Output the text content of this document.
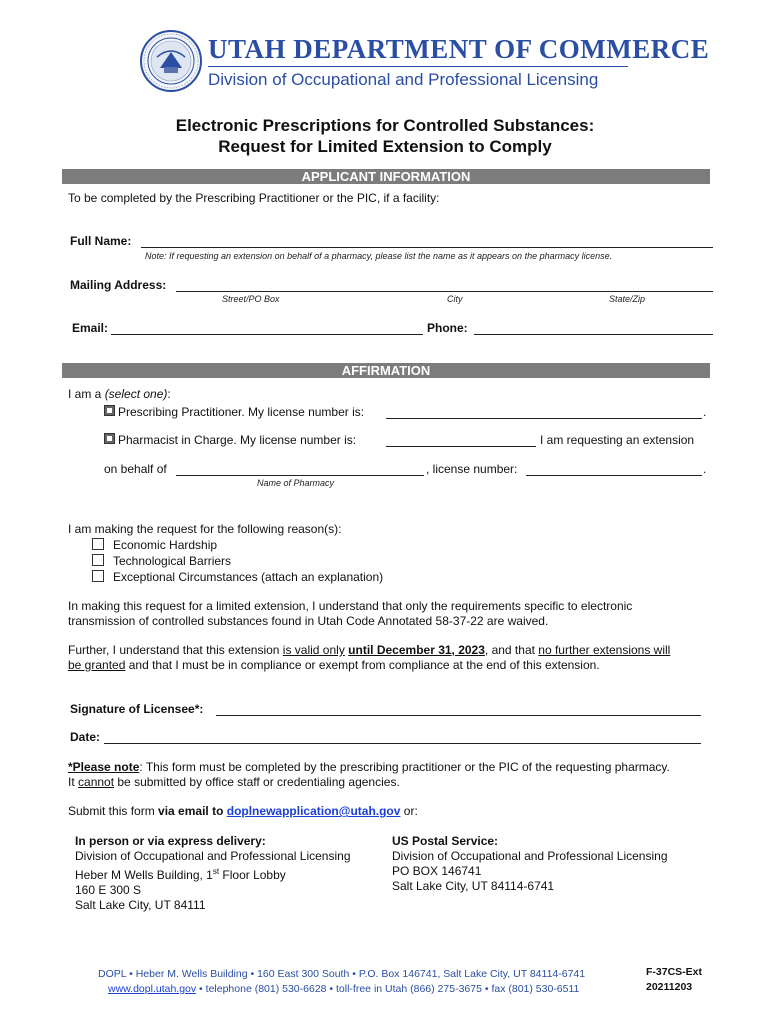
UTAH DEPARTMENT OF COMMERCE
Division of Occupational and Professional Licensing
Electronic Prescriptions for Controlled Substances:
Request for Limited Extension to Comply
APPLICANT INFORMATION
To be completed by the Prescribing Practitioner or the PIC, if a facility:
Full Name:
Note: If requesting an extension on behalf of a pharmacy, please list the name as it appears on the pharmacy license.
Mailing Address:
Street/PO Box	City	State/Zip
Email:	Phone:
AFFIRMATION
I am a (select one):
Prescribing Practitioner. My license number is:	.
Pharmacist in Charge. My license number is:	I am requesting an extension
on behalf of	, license number:	.
Name of Pharmacy
I am making the request for the following reason(s):
Economic Hardship
Technological Barriers
Exceptional Circumstances (attach an explanation)
In making this request for a limited extension, I understand that only the requirements specific to electronic
transmission of controlled substances found in Utah Code Annotated 58-37-22 are waived.
Further, I understand that this extension is valid only until December 31, 2023, and that no further extensions will
be granted and that I must be in compliance or exempt from compliance at the end of this extension.
Signature of Licensee*:
Date:
*Please note: This form must be completed by the prescribing practitioner or the PIC of the requesting pharmacy.
It cannot be submitted by office staff or credentialing agencies.
Submit this form via email to doplnewapplication@utah.gov or:
In person or via express delivery:
Division of Occupational and Professional Licensing
Heber M Wells Building, 1st Floor Lobby
160 E 300 S
Salt Lake City, UT 84111
US Postal Service:
Division of Occupational and Professional Licensing
PO BOX 146741
Salt Lake City, UT 84114-6741
DOPL • Heber M. Wells Building • 160 East 300 South • P.O. Box 146741, Salt Lake City, UT 84114-6741
www.dopl.utah.gov • telephone (801) 530-6628 • toll-free in Utah (866) 275-3675 • fax (801) 530-6511
F-37CS-Ext
20211203
